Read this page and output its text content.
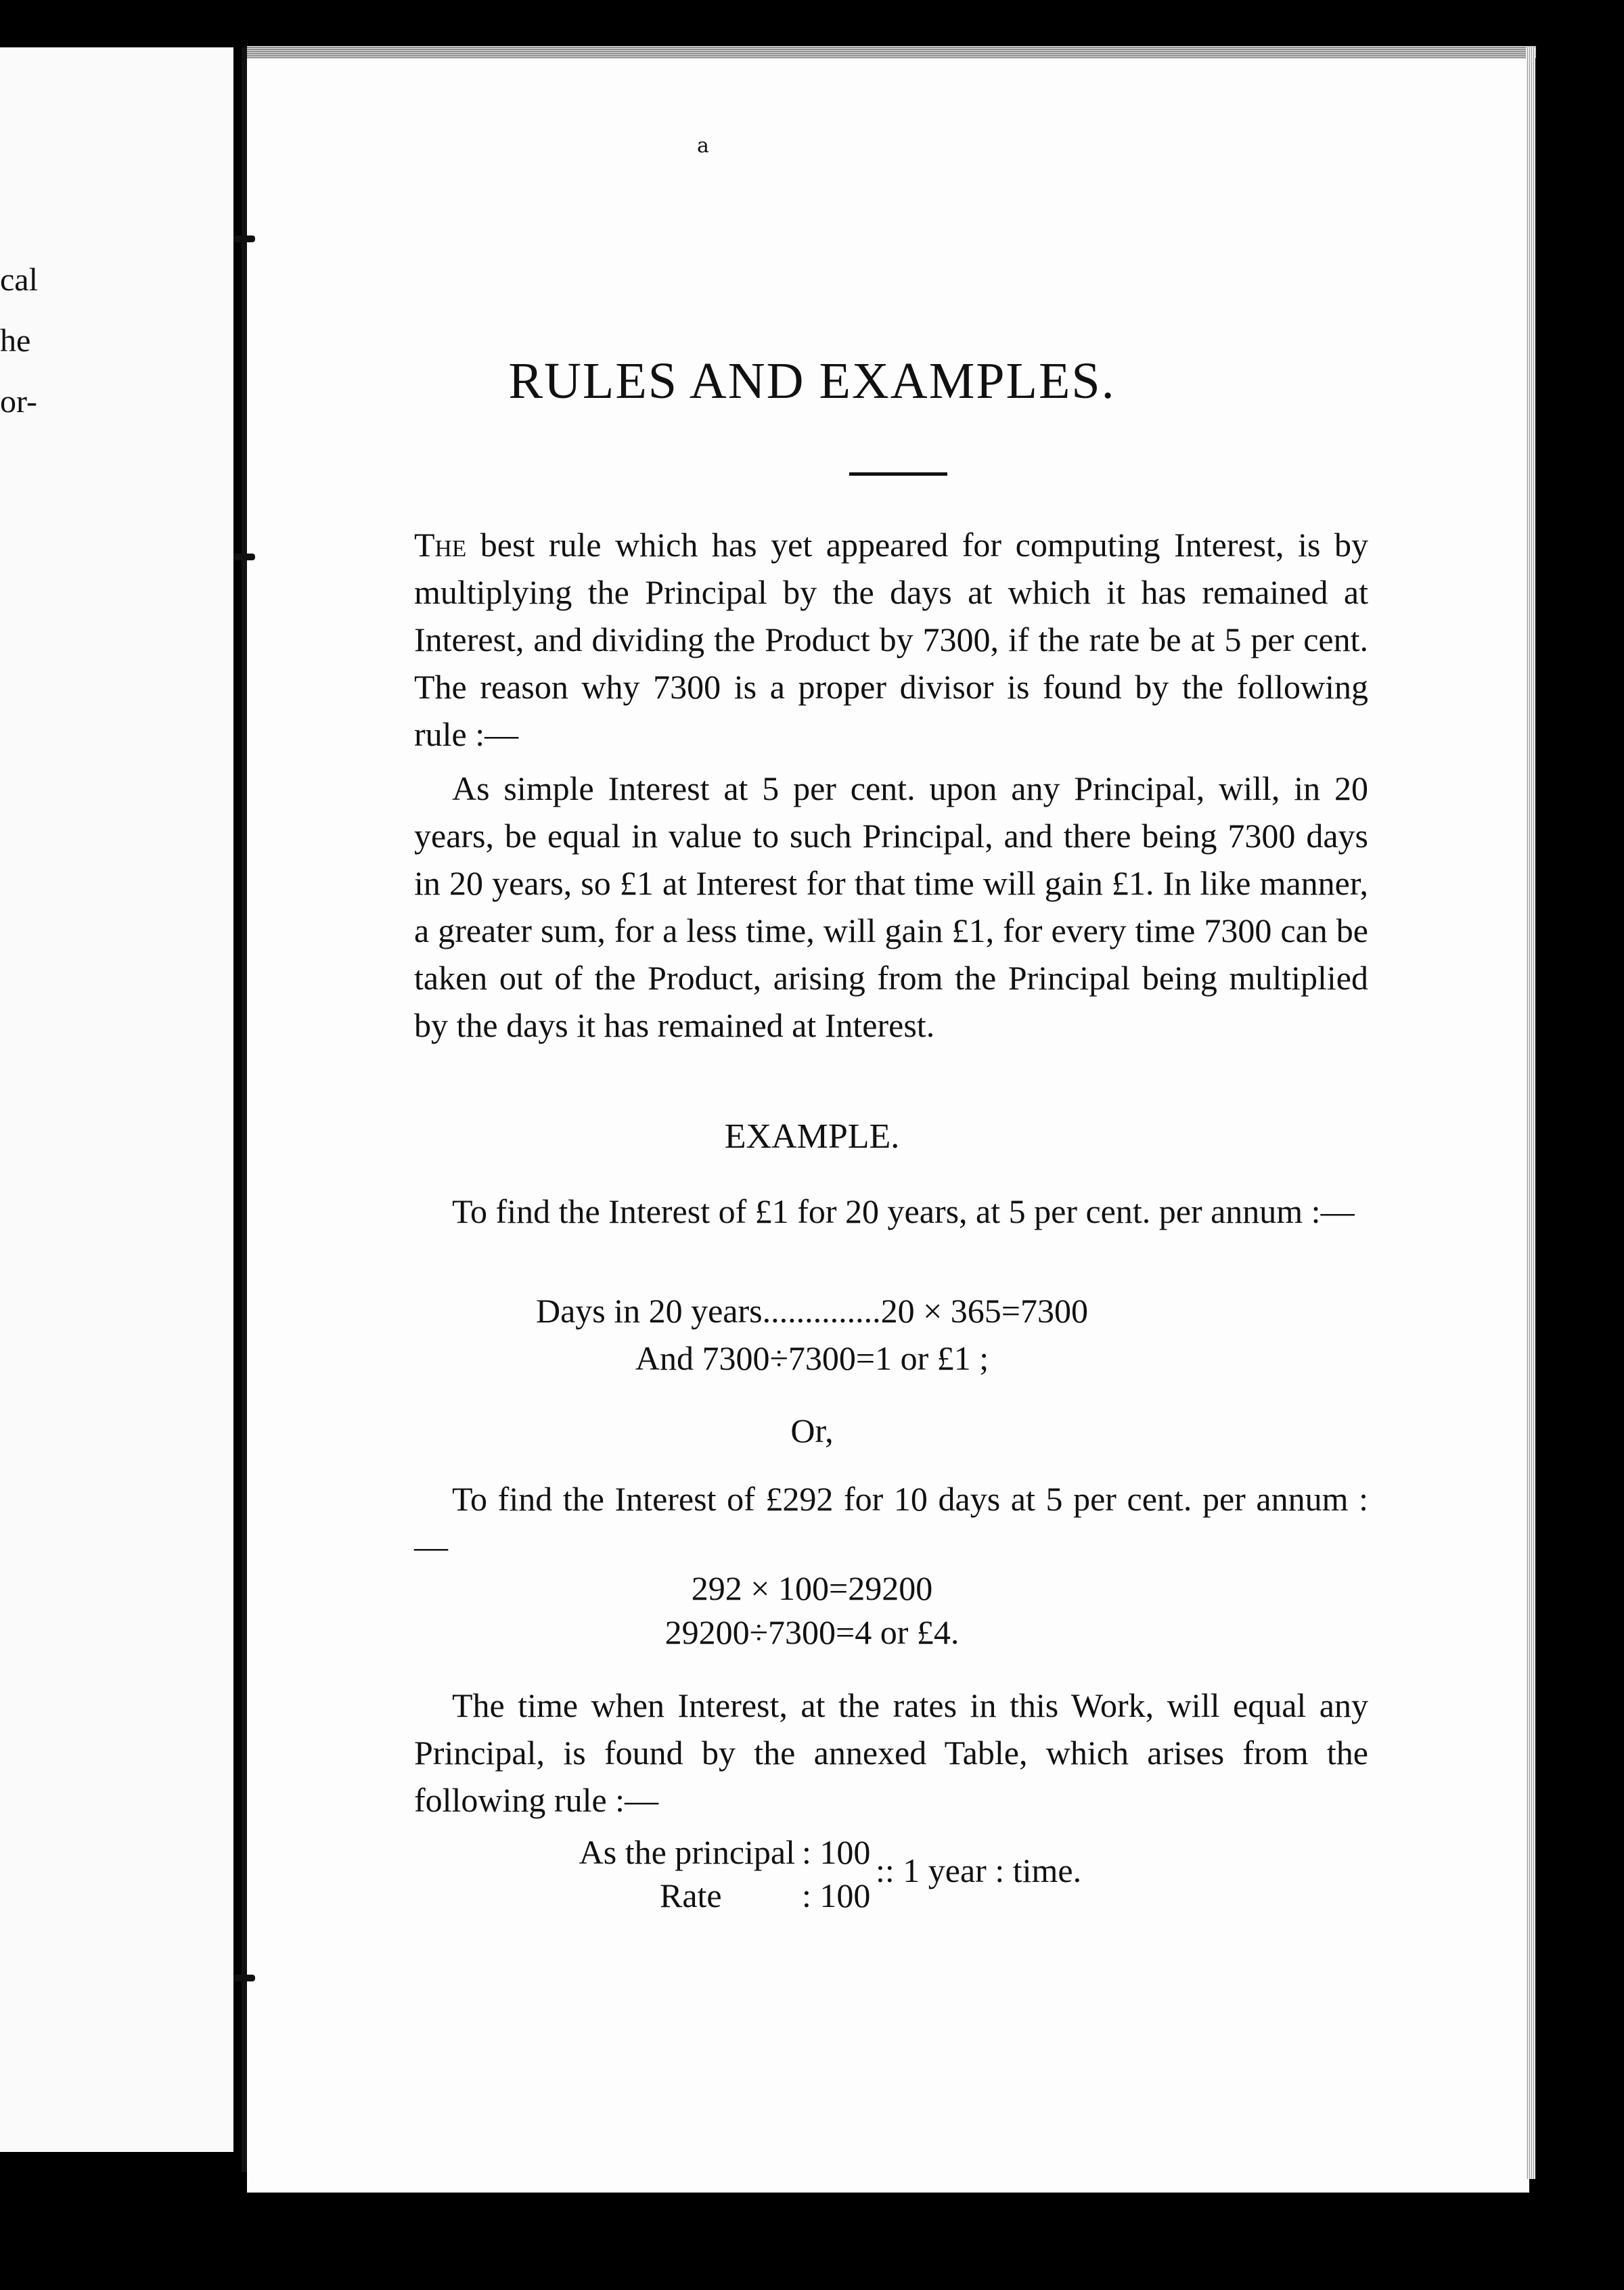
cal
he
or-
a
RULES AND EXAMPLES.

The best rule which has yet appeared for computing Interest, is by multiplying the Principal by the days at which it has remained at Interest, and dividing the Product by 7300, if the rate be at 5 per cent. The reason why 7300 is a proper divisor is found by the following rule :—

As simple Interest at 5 per cent. upon any Principal, will, in 20 years, be equal in value to such Principal, and there being 7300 days in 20 years, so £1 at Interest for that time will gain £1. In like manner, a greater sum, for a less time, will gain £1, for every time 7300 can be taken out of the Product, arising from the Principal being multiplied by the days it has remained at Interest.

EXAMPLE.

To find the Interest of £1 for 20 years, at 5 per cent. per annum :—

Days in 20 years..............20 × 365=7300
And 7300÷7300=1 or £1 ;
Or,

To find the Interest of £292 for 10 days at 5 per cent. per annum :—

292 × 100=29200
29200÷7300=4 or £4.

The time when Interest, at the rates in this Work, will equal any Principal, is found by the annexed Table, which arises from the following rule :—

As the principal : 100
Rate	: 100
:: 1 year : time.
